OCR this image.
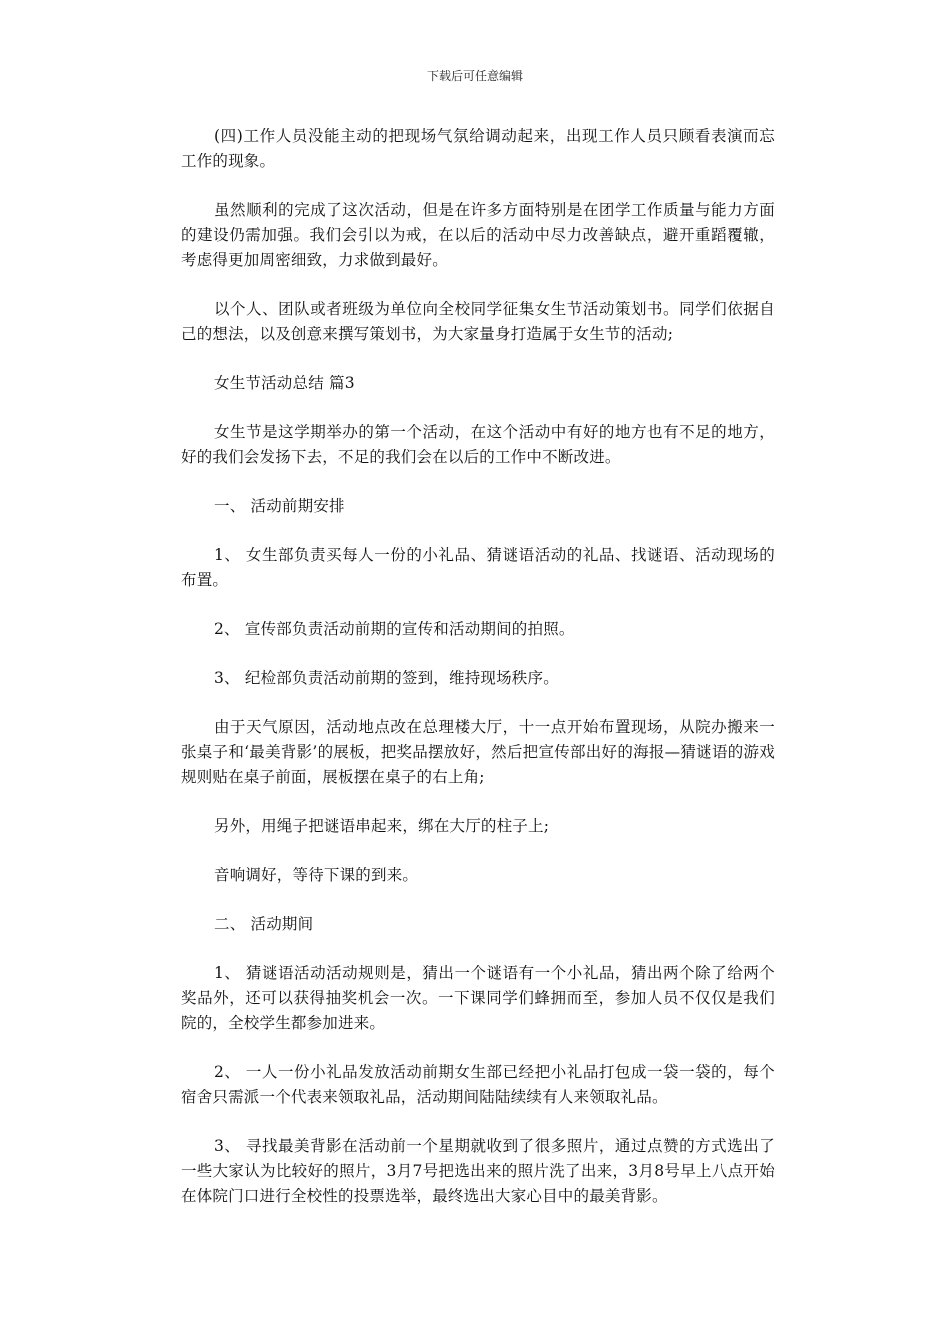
下载后可任意编辑

(四)工作人员没能主动的把现场气氛给调动起来，出现工作人员只顾看表演而忘工作的现象。

虽然顺利的完成了这次活动，但是在许多方面特别是在团学工作质量与能力方面的建设仍需加强。我们会引以为戒，在以后的活动中尽力改善缺点，避开重蹈覆辙，考虑得更加周密细致，力求做到最好。

以个人、团队或者班级为单位向全校同学征集女生节活动策划书。同学们依据自己的想法，以及创意来撰写策划书，为大家量身打造属于女生节的活动;

女生节活动总结 篇3

女生节是这学期举办的第一个活动，在这个活动中有好的地方也有不足的地方，好的我们会发扬下去，不足的我们会在以后的工作中不断改进。

一、 活动前期安排

1、 女生部负责买每人一份的小礼品、猜谜语活动的礼品、找谜语、活动现场的布置。

2、 宣传部负责活动前期的宣传和活动期间的拍照。

3、 纪检部负责活动前期的签到，维持现场秩序。

由于天气原因，活动地点改在总理楼大厅，十一点开始布置现场，从院办搬来一张桌子和‘最美背影’的展板，把奖品摆放好，然后把宣传部出好的海报—猜谜语的游戏规则贴在桌子前面，展板摆在桌子的右上角;

另外，用绳子把谜语串起来，绑在大厅的柱子上;

音响调好，等待下课的到来。

二、 活动期间

1、 猜谜语活动活动规则是，猜出一个谜语有一个小礼品，猜出两个除了给两个奖品外，还可以获得抽奖机会一次。一下课同学们蜂拥而至，参加人员不仅仅是我们院的，全校学生都参加进来。

2、 一人一份小礼品发放活动前期女生部已经把小礼品打包成一袋一袋的，每个宿舍只需派一个代表来领取礼品，活动期间陆陆续续有人来领取礼品。

3、 寻找最美背影在活动前一个星期就收到了很多照片，通过点赞的方式选出了一些大家认为比较好的照片，3月7号把选出来的照片洗了出来，3月8号早上八点开始在体院门口进行全校性的投票选举，最终选出大家心目中的最美背影。
